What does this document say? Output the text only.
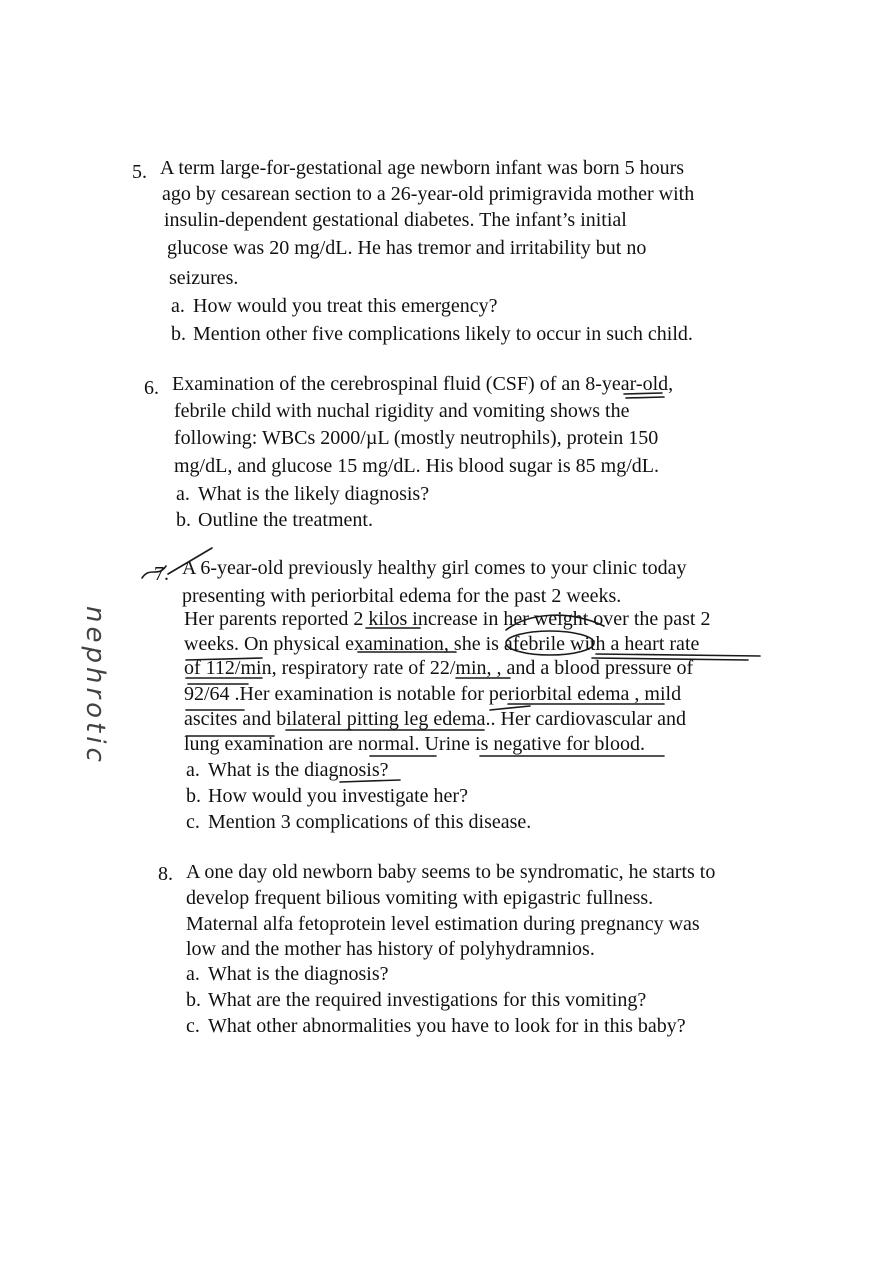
5. A term large-for-gestational age newborn infant was born 5 hours
ago by cesarean section to a 26-year-old primigravida mother with
insulin-dependent gestational diabetes. The infant’s initial
glucose was 20 mg/dL. He has tremor and irritability but no
seizures.
a. How would you treat this emergency?
b. Mention other five complications likely to occur in such child.
6. Examination of the cerebrospinal fluid (CSF) of an 8-year-old,
febrile child with nuchal rigidity and vomiting shows the
following: WBCs 2000/µL (mostly neutrophils), protein 150
mg/dL, and glucose 15 mg/dL. His blood sugar is 85 mg/dL.
a. What is the likely diagnosis?
b. Outline the treatment.
7. A 6-year-old previously healthy girl comes to your clinic today
presenting with periorbital edema for the past 2 weeks.
Her parents reported 2 kilos increase in her weight over the past 2
weeks. On physical examination, she is afebrile with a heart rate
of 112/min, respiratory rate of 22/min, , and a blood pressure of
92/64 .Her examination is notable for periorbital edema , mild
ascites and bilateral pitting leg edema.. Her cardiovascular and
lung examination are normal. Urine is negative for blood.
a. What is the diagnosis?
b. How would you investigate her?
c. Mention 3 complications of this disease.
8. A one day old newborn baby seems to be syndromatic, he starts to
develop frequent bilious vomiting with epigastric fullness.
Maternal alfa fetoprotein level estimation during pregnancy was
low and the mother has history of polyhydramnios.
a. What is the diagnosis?
b. What are the required investigations for this vomiting?
c. What other abnormalities you have to look for in this baby?
nephrotic
